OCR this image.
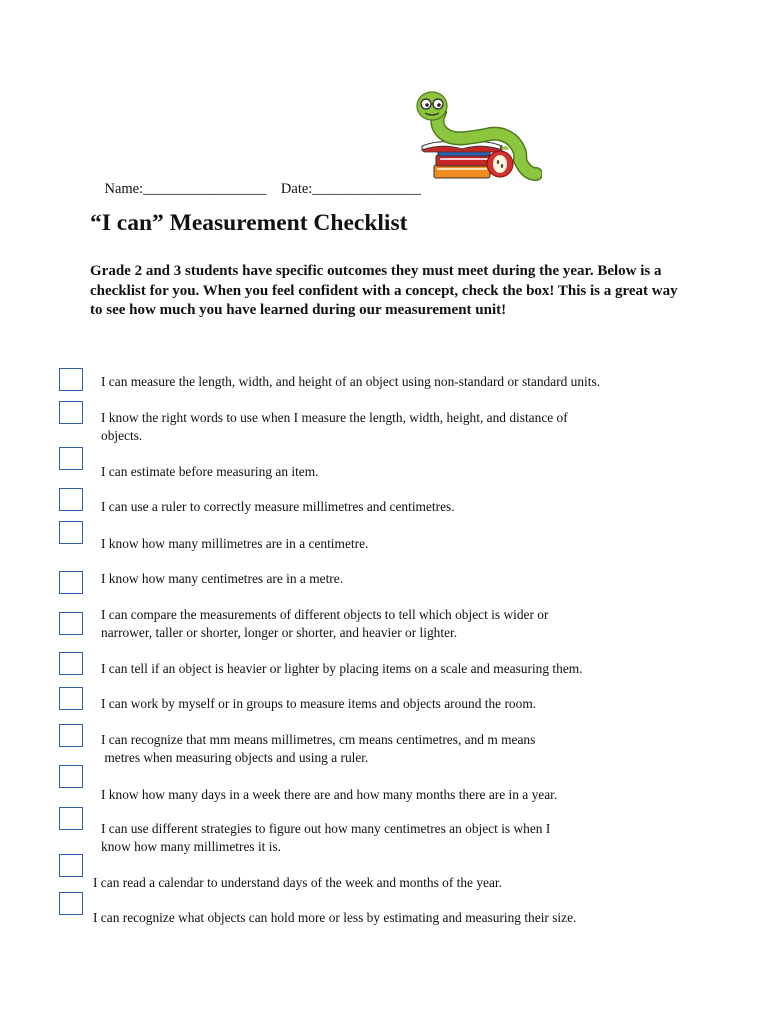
Name:_________________ Date:_______________

“I can” Measurement Checklist

Grade 2 and 3 students have specific outcomes they must meet during the year. Below is a checklist for you. When you feel confident with a concept, check the box! This is a great way to see how much you have learned during our measurement unit!

I can measure the length, width, and height of an object using non-standard or standard units.
I know the right words to use when I measure the length, width, height, and distance of
objects.
I can estimate before measuring an item.
I can use a ruler to correctly measure millimetres and centimetres.
I know how many millimetres are in a centimetre.
I know how many centimetres are in a metre.
I can compare the measurements of different objects to tell which object is wider or
narrower, taller or shorter, longer or shorter, and heavier or lighter.
I can tell if an object is heavier or lighter by placing items on a scale and measuring them.
I can work by myself or in groups to measure items and objects around the room.
I can recognize that mm means millimetres, cm means centimetres, and m means
metres when measuring objects and using a ruler.
I know how many days in a week there are and how many months there are in a year.
I can use different strategies to figure out how many centimetres an object is when I
know how many millimetres it is.
I can read a calendar to understand days of the week and months of the year.
I can recognize what objects can hold more or less by estimating and measuring their size.
